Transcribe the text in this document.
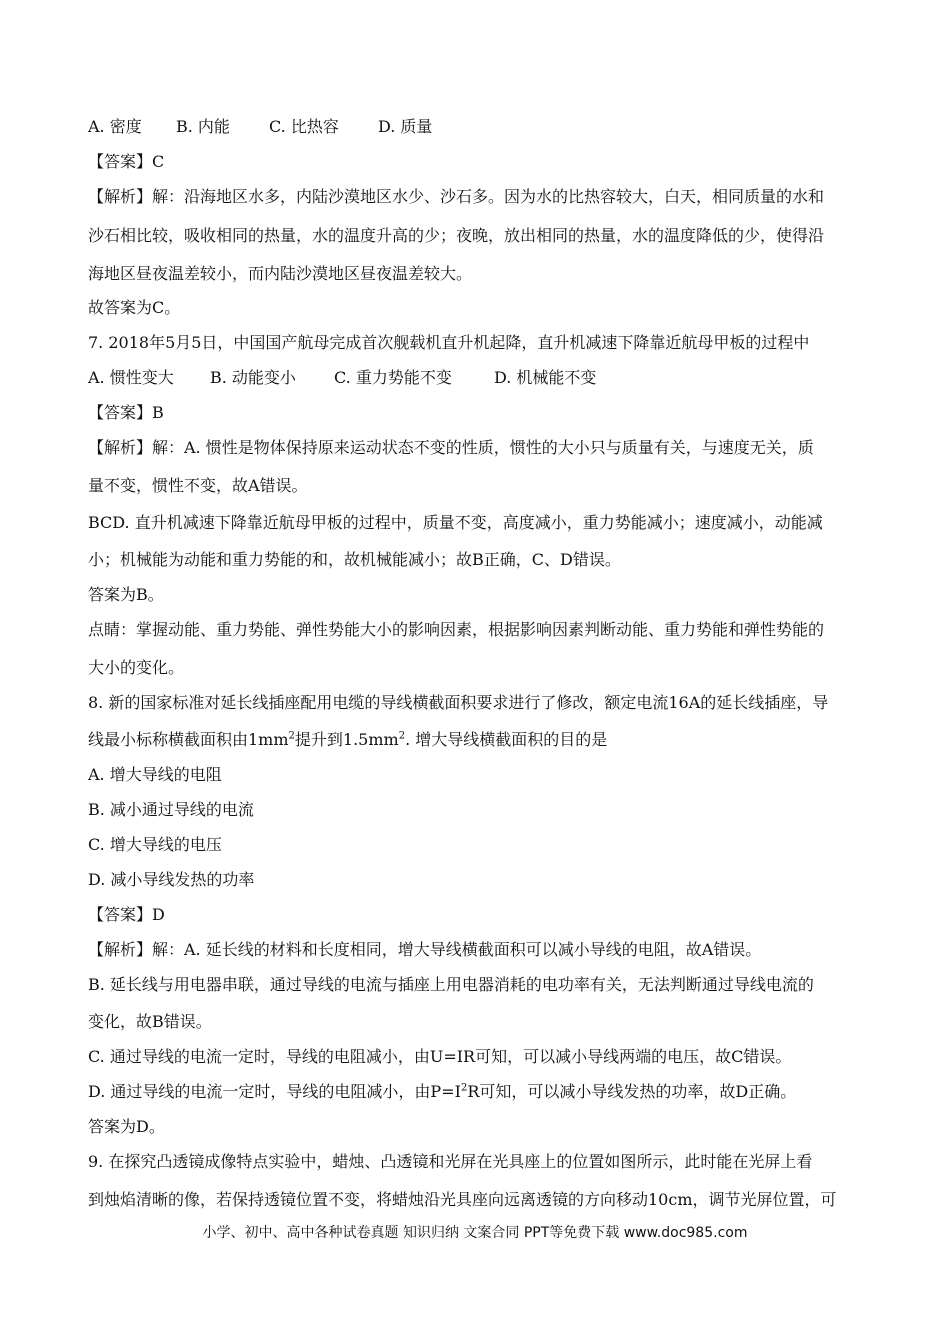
A. 密度 B. 内能 C. 比热容 D. 质量
【答案】C
【解析】解：沿海地区水多，内陆沙漠地区水少、沙石多。因为水的比热容较大，白天，相同质量的水和
沙石相比较，吸收相同的热量，水的温度升高的少；夜晚，放出相同的热量，水的温度降低的少，使得沿
海地区昼夜温差较小，而内陆沙漠地区昼夜温差较大。
故答案为C。
7. 2018年5月5日，中国国产航母完成首次舰载机直升机起降，直升机减速下降靠近航母甲板的过程中
A. 惯性变大 B. 动能变小 C. 重力势能不变	D. 机械能不变
【答案】B
【解析】解：A. 惯性是物体保持原来运动状态不变的性质，惯性的大小只与质量有关，与速度无关，质
量不变，惯性不变，故A错误。
BCD. 直升机减速下降靠近航母甲板的过程中，质量不变，高度减小，重力势能减小；速度减小，动能减
小；机械能为动能和重力势能的和，故机械能减小；故B正确，C、D错误。
答案为B。
点睛：掌握动能、重力势能、弹性势能大小的影响因素，根据影响因素判断动能、重力势能和弹性势能的
大小的变化。
8. 新的国家标准对延长线插座配用电缆的导线横截面积要求进行了修改，额定电流16A的延长线插座，导
线最小标称横截面积由$1mm^2$提升到$1.5mm^2$. 增大导线横截面积的目的是
A. 增大导线的电阻
B. 减小通过导线的电流
C. 增大导线的电压
D. 减小导线发热的功率
【答案】D
【解析】解：A. 延长线的材料和长度相同，增大导线横截面积可以减小导线的电阻，故A错误。
B. 延长线与用电器串联，通过导线的电流与插座上用电器消耗的电功率有关，无法判断通过导线电流的
变化，故B错误。
C. 通过导线的电流一定时，导线的电阻减小，由U=IR可知，可以减小导线两端的电压，故C错误。
D. 通过导线的电流一定时，导线的电阻减小，由$P=I^2R$可知，可以减小导线发热的功率，故D正确。
答案为D。
9. 在探究凸透镜成像特点实验中，蜡烛、凸透镜和光屏在光具座上的位置如图所示，此时能在光屏上看
到烛焰清晰的像，若保持透镜位置不变，将蜡烛沿光具座向远离透镜的方向移动10cm，调节光屏位置，可
小学、初中、高中各种试卷真题 知识归纳 文案合同 PPT等免费下载 www.doc985.com
